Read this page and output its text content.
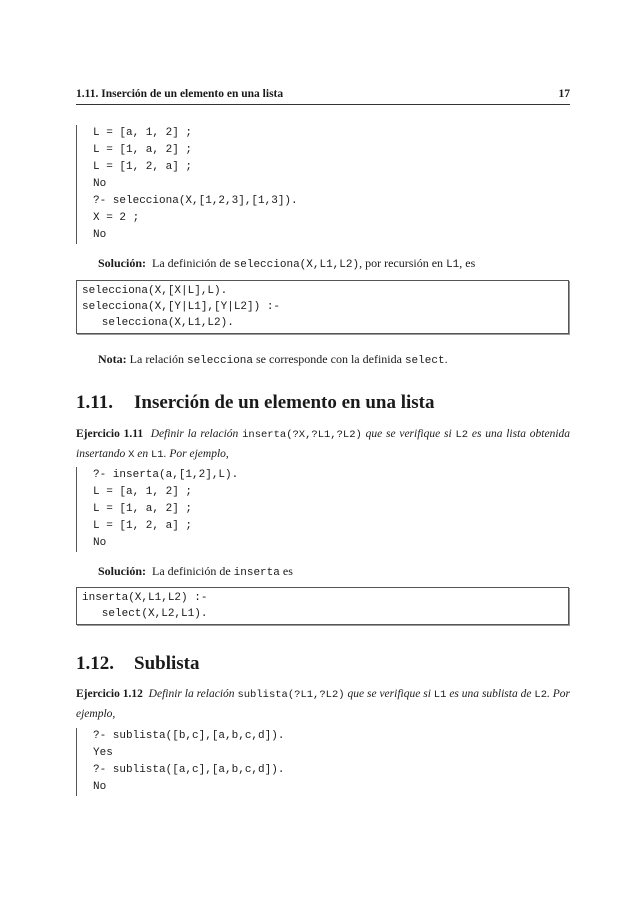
1.11. Inserción de un elemento en una lista	17
L = [a, 1, 2] ;
L = [1, a, 2] ;
L = [1, 2, a] ;
No
?- selecciona(X,[1,2,3],[1,3]).
X = 2 ;
No
Solución: La definición de selecciona(X,L1,L2), por recursión en L1, es
selecciona(X,[X|L],L).
selecciona(X,[Y|L1],[Y|L2]) :-
selecciona(X,L1,L2).
Nota: La relación selecciona se corresponde con la definida select.
1.11. Inserción de un elemento en una lista
Ejercicio 1.11 Definir la relación inserta(?X,?L1,?L2) que se verifique si L2 es una lista obtenida insertando X en L1. Por ejemplo,
?- inserta(a,[1,2],L).
L = [a, 1, 2] ;
L = [1, a, 2] ;
L = [1, 2, a] ;
No
Solución: La definición de inserta es
inserta(X,L1,L2) :-
select(X,L2,L1).
1.12. Sublista
Ejercicio 1.12 Definir la relación sublista(?L1,?L2) que se verifique si L1 es una sublista de L2. Por ejemplo,
?- sublista([b,c],[a,b,c,d]).
Yes
?- sublista([a,c],[a,b,c,d]).
No
